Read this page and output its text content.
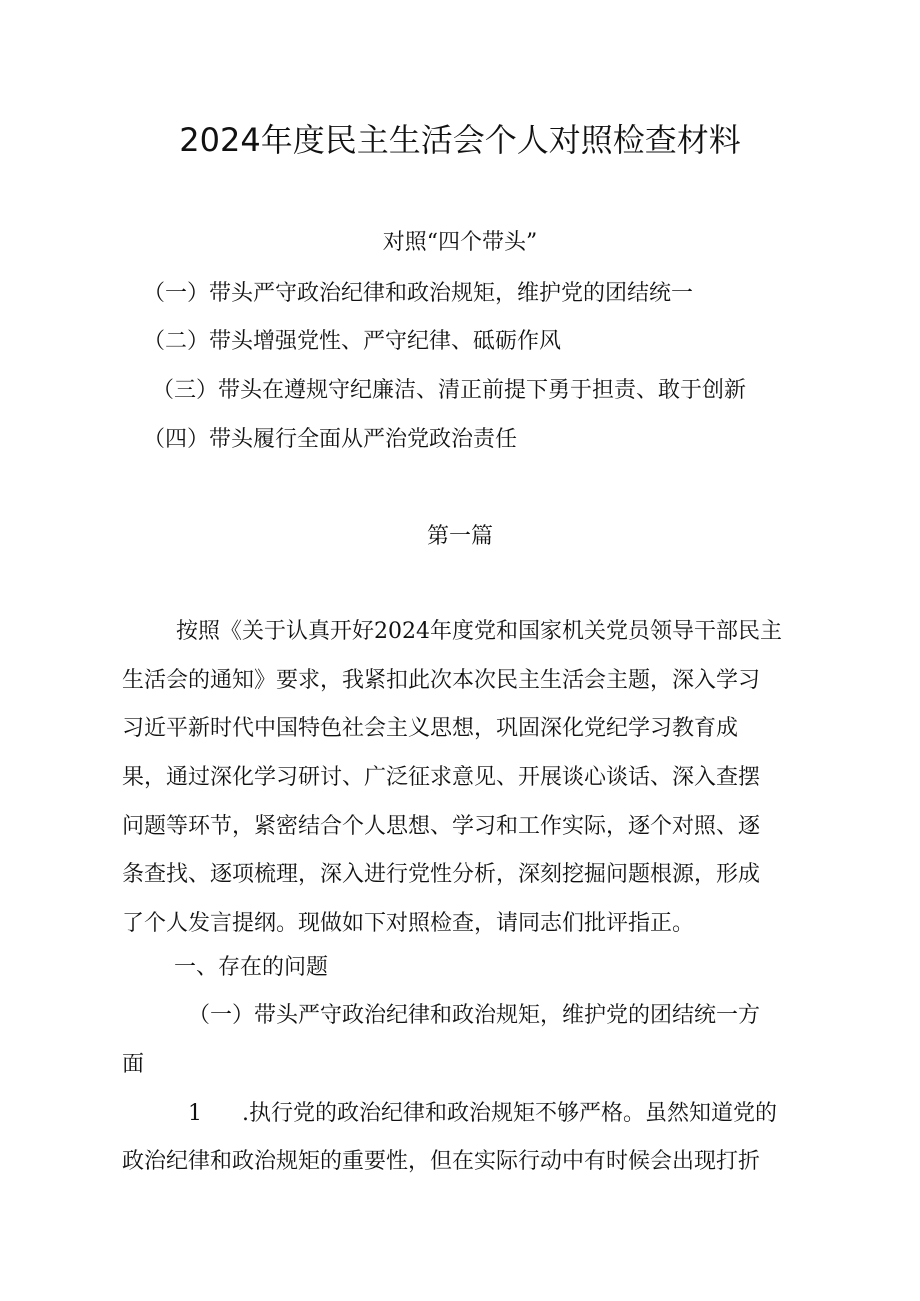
2024年度民主生活会个人对照检查材料
对照“四个带头”
（一）带头严守政治纪律和政治规矩，维护党的团结统一
（二）带头增强党性、严守纪律、砥砺作风
（三）带头在遵规守纪廉洁、清正前提下勇于担责、敢于创新
（四）带头履行全面从严治党政治责任
第一篇
按照《关于认真开好2024年度党和国家机关党员领导干部民主
生活会的通知》要求，我紧扣此次本次民主生活会主题，深入学习
习近平新时代中国特色社会主义思想，巩固深化党纪学习教育成
果，通过深化学习研讨、广泛征求意见、开展谈心谈话、深入查摆
问题等环节，紧密结合个人思想、学习和工作实际，逐个对照、逐
条查找、逐项梳理，深入进行党性分析，深刻挖掘问题根源，形成
了个人发言提纲。现做如下对照检查，请同志们批评指正。
一、存在的问题
（一）带头严守政治纪律和政治规矩，维护党的团结统一方
面
1 .执行党的政治纪律和政治规矩不够严格。虽然知道党的
政治纪律和政治规矩的重要性，但在实际行动中有时候会出现打折
